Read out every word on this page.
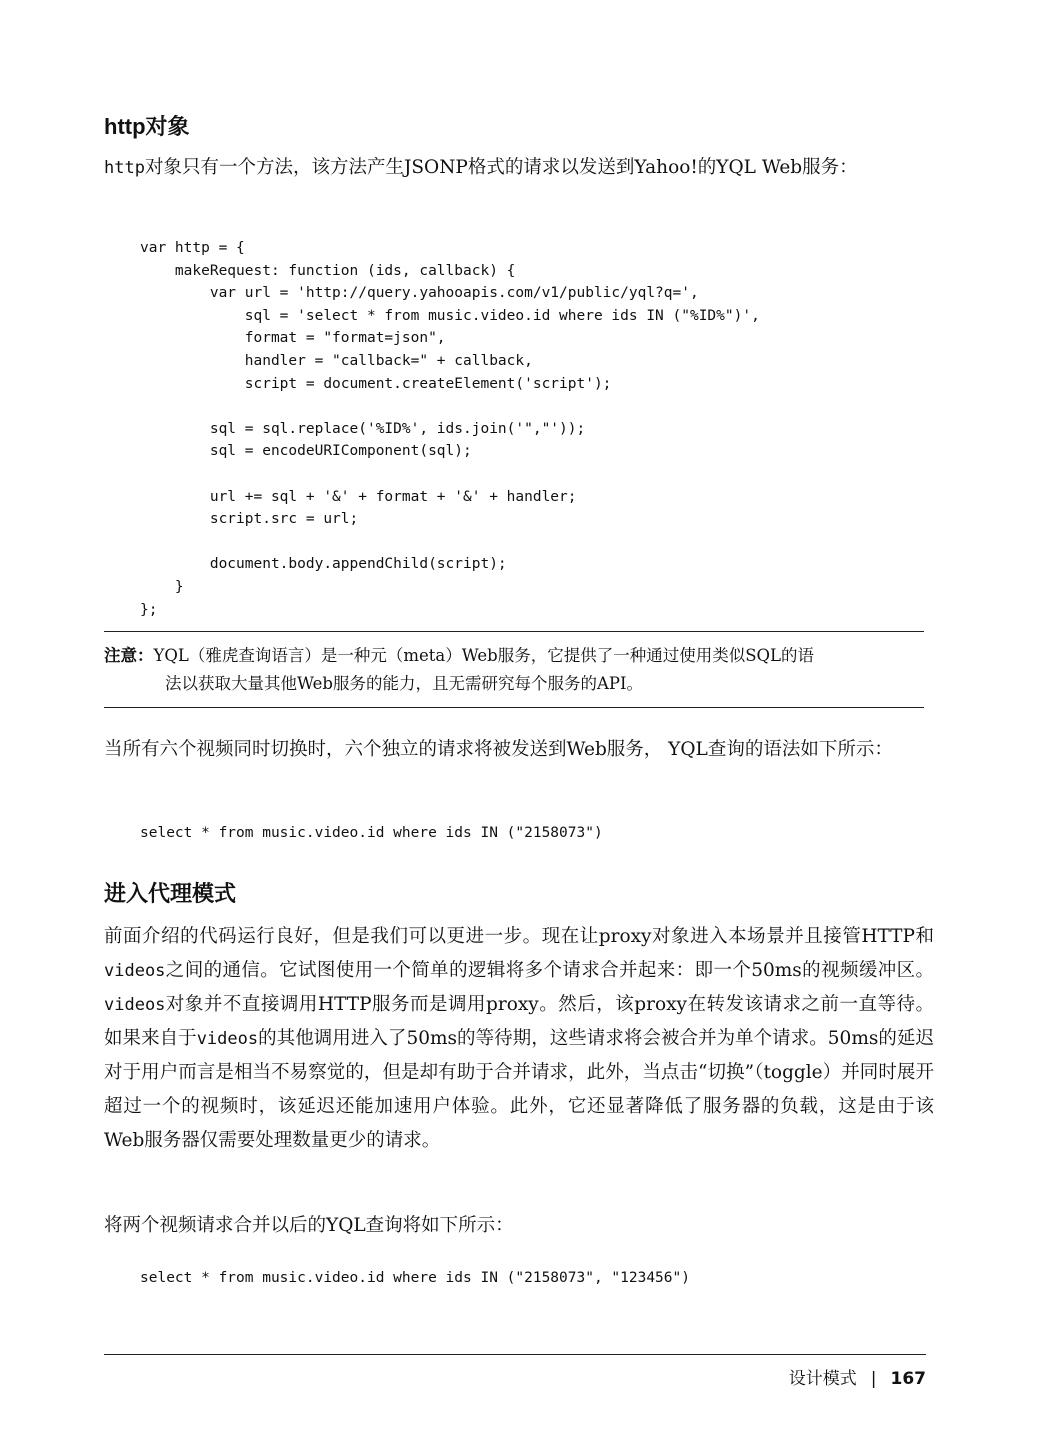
http对象
http对象只有一个方法，该方法产生JSONP格式的请求以发送到Yahoo!的YQL Web服务：
var http = {
makeRequest: function (ids, callback) {
var url = 'http://query.yahooapis.com/v1/public/yql?q=',
sql = 'select * from music.video.id where ids IN ("%ID%")',
format = "format=json",
handler = "callback=" + callback,
script = document.createElement('script');
sql = sql.replace('%ID%', ids.join('","'));
sql = encodeURIComponent(sql);
url += sql + '&' + format + '&' + handler;
script.src = url;
document.body.appendChild(script);
}
};
注意：YQL（雅虎查询语言）是一种元（meta）Web服务，它提供了一种通过使用类似SQL的语
法以获取大量其他Web服务的能力，且无需研究每个服务的API。
当所有六个视频同时切换时，六个独立的请求将被发送到Web服务， YQL查询的语法如下所示：
select * from music.video.id where ids IN ("2158073")
进入代理模式
前面介绍的代码运行良好，但是我们可以更进一步。现在让proxy对象进入本场景并且接管HTTP和videos之间的通信。它试图使用一个简单的逻辑将多个请求合并起来：即一个50ms的视频缓冲区。videos对象并不直接调用HTTP服务而是调用proxy。然后，该proxy在转发该请求之前一直等待。如果来自于videos的其他调用进入了50ms的等待期，这些请求将会被合并为单个请求。50ms的延迟对于用户而言是相当不易察觉的，但是却有助于合并请求，此外，当点击“切换”（toggle）并同时展开超过一个的视频时，该延迟还能加速用户体验。此外，它还显著降低了服务器的负载，这是由于该Web服务器仅需要处理数量更少的请求。
将两个视频请求合并以后的YQL查询将如下所示：
select * from music.video.id where ids IN ("2158073", "123456")
设计模式 | 167
